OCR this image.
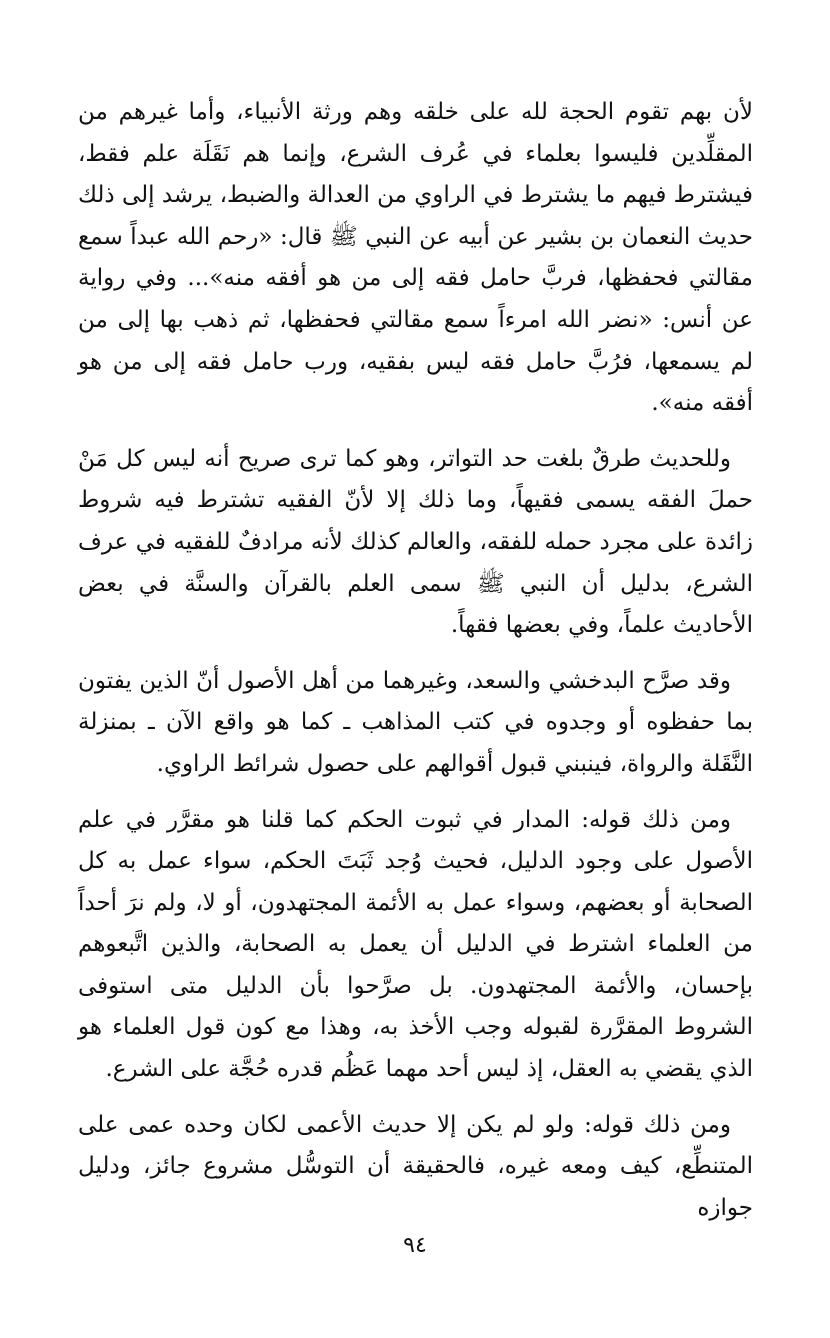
لأن بهم تقوم الحجة لله على خلقه وهم ورثة الأنبياء، وأما غيرهم من المقلِّدين فليسوا بعلماء في عُرف الشرع، وإنما هم نَقَلَة علم فقط، فيشترط فيهم ما يشترط في الراوي من العدالة والضبط، يرشد إلى ذلك حديث النعمان بن بشير عن أبيه عن النبي ﷺ قال: «رحم الله عبداً سمع مقالتي فحفظها، فربَّ حامل فقه إلى من هو أفقه منه»... وفي رواية عن أنس: «نضر الله امرءاً سمع مقالتي فحفظها، ثم ذهب بها إلى من لم يسمعها، فرُبَّ حامل فقه ليس بفقيه، ورب حامل فقه إلى من هو أفقه منه».

وللحديث طرقٌ بلغت حد التواتر، وهو كما ترى صريح أنه ليس كل مَنْ حملَ الفقه يسمى فقيهاً، وما ذلك إلا لأنّ الفقيه تشترط فيه شروط زائدة على مجرد حمله للفقه، والعالم كذلك لأنه مرادفٌ للفقيه في عرف الشرع، بدليل أن النبي ﷺ سمى العلم بالقرآن والسنَّة في بعض الأحاديث علماً، وفي بعضها فقهاً.

وقد صرَّح البدخشي والسعد، وغيرهما من أهل الأصول أنّ الذين يفتون بما حفظوه أو وجدوه في كتب المذاهب ـ كما هو واقع الآن ـ بمنزلة النَّقَلة والرواة، فينبني قبول أقوالهم على حصول شرائط الراوي.

ومن ذلك قوله: المدار في ثبوت الحكم كما قلنا هو مقرَّر في علم الأصول على وجود الدليل، فحيث وُجد ثَبَتَ الحكم، سواء عمل به كل الصحابة أو بعضهم، وسواء عمل به الأئمة المجتهدون، أو لا، ولم نرَ أحداً من العلماء اشترط في الدليل أن يعمل به الصحابة، والذين اتَّبعوهم بإحسان، والأئمة المجتهدون. بل صرَّحوا بأن الدليل متى استوفى الشروط المقرَّرة لقبوله وجب الأخذ به، وهذا مع كون قول العلماء هو الذي يقضي به العقل، إذ ليس أحد مهما عَظُم قدره حُجَّة على الشرع.

ومن ذلك قوله: ولو لم يكن إلا حديث الأعمى لكان وحده عمى على المتنطِّع، كيف ومعه غيره، فالحقيقة أن التوسُّل مشروع جائز، ودليل جوازه

٩٤
